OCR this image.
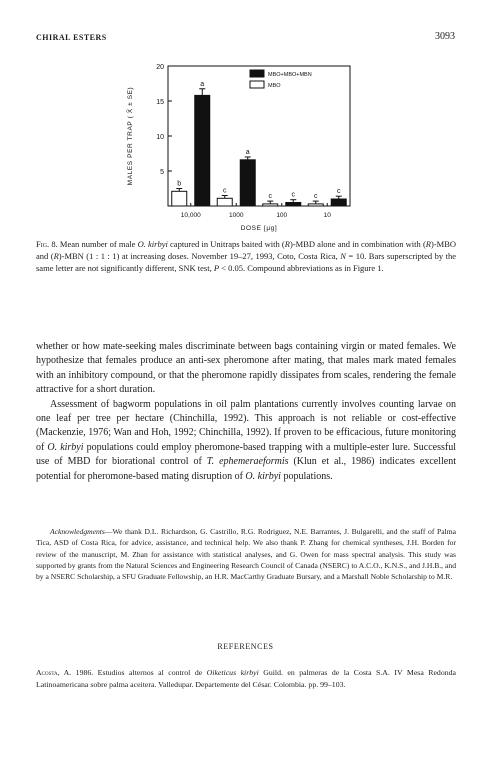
CHIRAL ESTERS	3093
5
10
15
20
MALES PER TRAP ( X̄ ± SE)
10,000
a
b
1000
a
c
100
c
c
10
c
c
DOSE [µg]
MBO+MBO+MBN
MBO
Fig. 8. Mean number of male O. kirbyi captured in Unitraps baited with (R)-MBD alone and in combination with (R)-MBO and (R)-MBN (1 : 1 : 1) at increasing doses. November 19–27, 1993, Coto, Costa Rica, N = 10. Bars superscripted by the same letter are not significantly different, SNK test, P < 0.05. Compound abbreviations as in Figure 1.

whether or how mate-seeking males discriminate between bags containing virgin or mated females. We hypothesize that females produce an anti-sex pheromone after mating, that males mark mated females with an inhibitory compound, or that the pheromone rapidly dissipates from scales, rendering the female attractive for a short duration.

Assessment of bagworm populations in oil palm plantations currently involves counting larvae on one leaf per tree per hectare (Chinchilla, 1992). This approach is not reliable or cost-effective (Mackenzie, 1976; Wan and Hoh, 1992; Chinchilla, 1992). If proven to be efficacious, future monitoring of O. kirbyi populations could employ pheromone-based trapping with a multiple-ester lure. Successful use of MBD for biorational control of T. ephemeraeformis (Klun et al., 1986) indicates excellent potential for pheromone-based mating disruption of O. kirbyi populations.

Acknowledgments—We thank D.L. Richardson, G. Castrillo, R.G. Rodriguez, N.E. Barrantes, J. Bulgarelli, and the staff of Palma Tica, ASD of Costa Rica, for advice, assistance, and technical help. We also thank P. Zhang for chemical syntheses, J.H. Borden for review of the manuscript, M. Zhan for assistance with statistical analyses, and G. Owen for mass spectral analysis. This study was supported by grants from the Natural Sciences and Engineering Research Council of Canada (NSERC) to A.C.O., K.N.S., and J.H.B., and by a NSERC Scholarship, a SFU Graduate Fellowship, an H.R. MacCarthy Graduate Bursary, and a Marshall Noble Scholarship to M.R.
REFERENCES
Acosta, A. 1986. Estudios alternos al control de Oiketicus kirbyi Guild. en palmeras de la Costa S.A. IV Mesa Redonda Latinoamericana sobre palma aceitera. Valledupar. Departemente del César. Colombia. pp. 99–103.
